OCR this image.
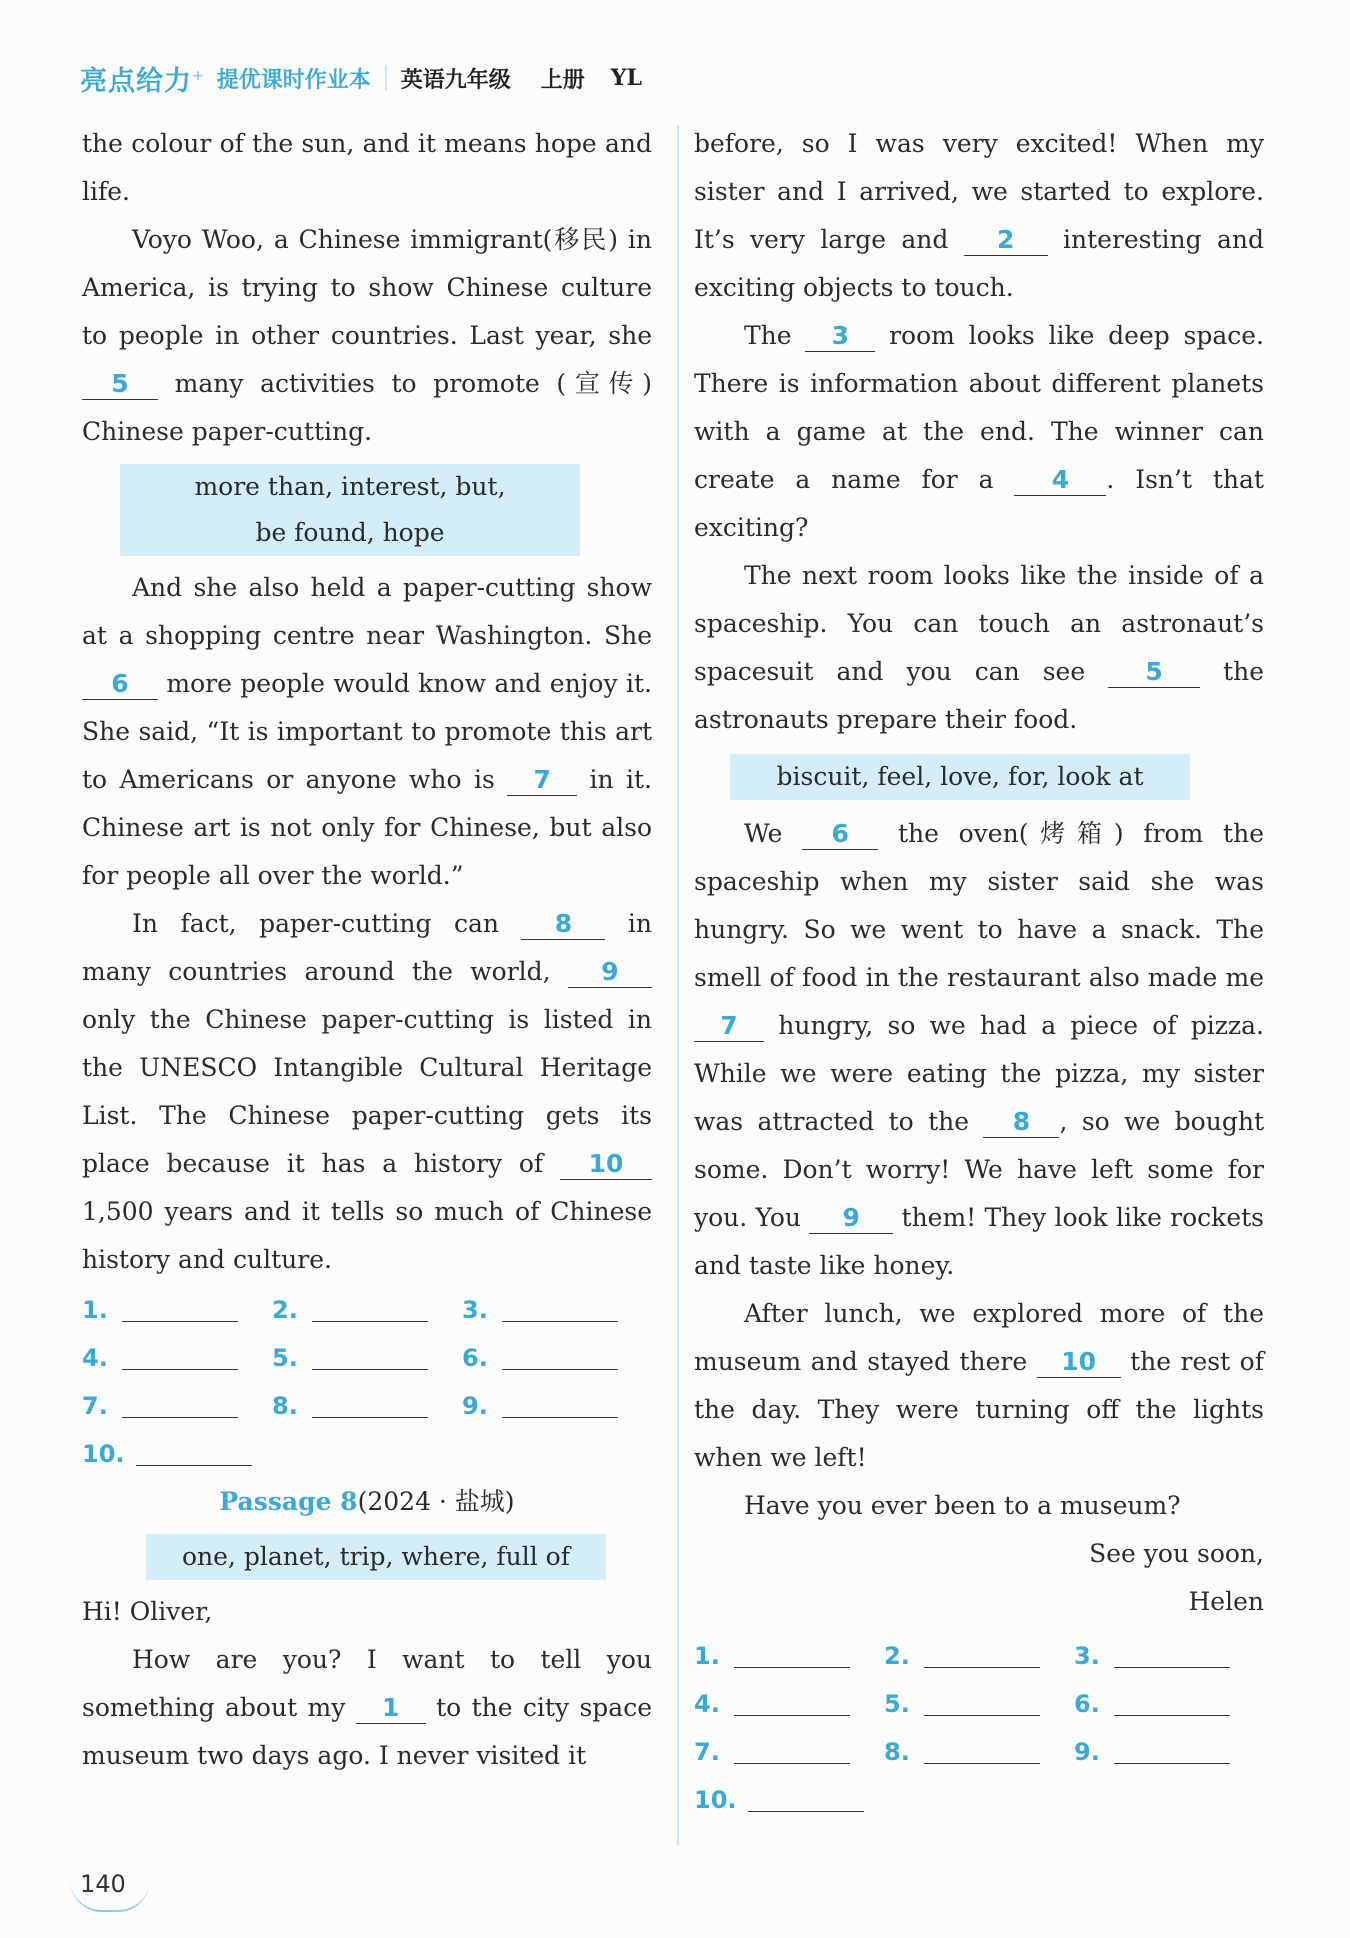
亮点给力+ 提优课时作业本 英语九年级 上册 YL

the colour of the sun, and it means hope and life.

Voyo Woo, a Chinese immigrant(移民) in America, is trying to show Chinese culture to people in other countries. Last year, she 5 many activities to promote (宣传) Chinese paper-cutting.

more than, interest, but,
be found, hope

And she also held a paper-cutting show at a shopping centre near Washington. She 6 more people would know and enjoy it. She said, “It is important to promote this art to Americans or anyone who is 7 in it. Chinese art is not only for Chinese, but also for people all over the world.”

In fact, paper-cutting can 8 in many countries around the world, 9 only the Chinese paper-cutting is listed in the UNESCO Intangible Cultural Heritage List. The Chinese paper-cutting gets its place because it has a history of 10 1,500 years and it tells so much of Chinese history and culture.

1.	2.	3.
4.	5.	6.
7.	8.	9.
10.
Passage 8(2024 · 盐城)
one, planet, trip, where, full of

Hi! Oliver,

How are you? I want to tell you something about my 1 to the city space museum two days ago. I never visited it

before, so I was very excited! When my sister and I arrived, we started to explore. It’s very large and 2 interesting and exciting objects to touch.

The 3 room looks like deep space. There is information about different planets with a game at the end. The winner can create a name for a 4 . Isn’t that exciting?

The next room looks like the inside of a spaceship. You can touch an astronaut’s spacesuit and you can see 5 the astronauts prepare their food.

biscuit, feel, love, for, look at

We 6 the oven(烤箱) from the spaceship when my sister said she was hungry. So we went to have a snack. The smell of food in the restaurant also made me 7 hungry, so we had a piece of pizza. While we were eating the pizza, my sister was attracted to the 8 , so we bought some. Don’t worry! We have left some for you. You 9 them! They look like rockets and taste like honey.

After lunch, we explored more of the museum and stayed there 10 the rest of the day. They were turning off the lights when we left!

Have you ever been to a museum?

See you soon,

Helen

1.	2.	3.
4.	5.	6.
7.	8.	9.
10.
140
